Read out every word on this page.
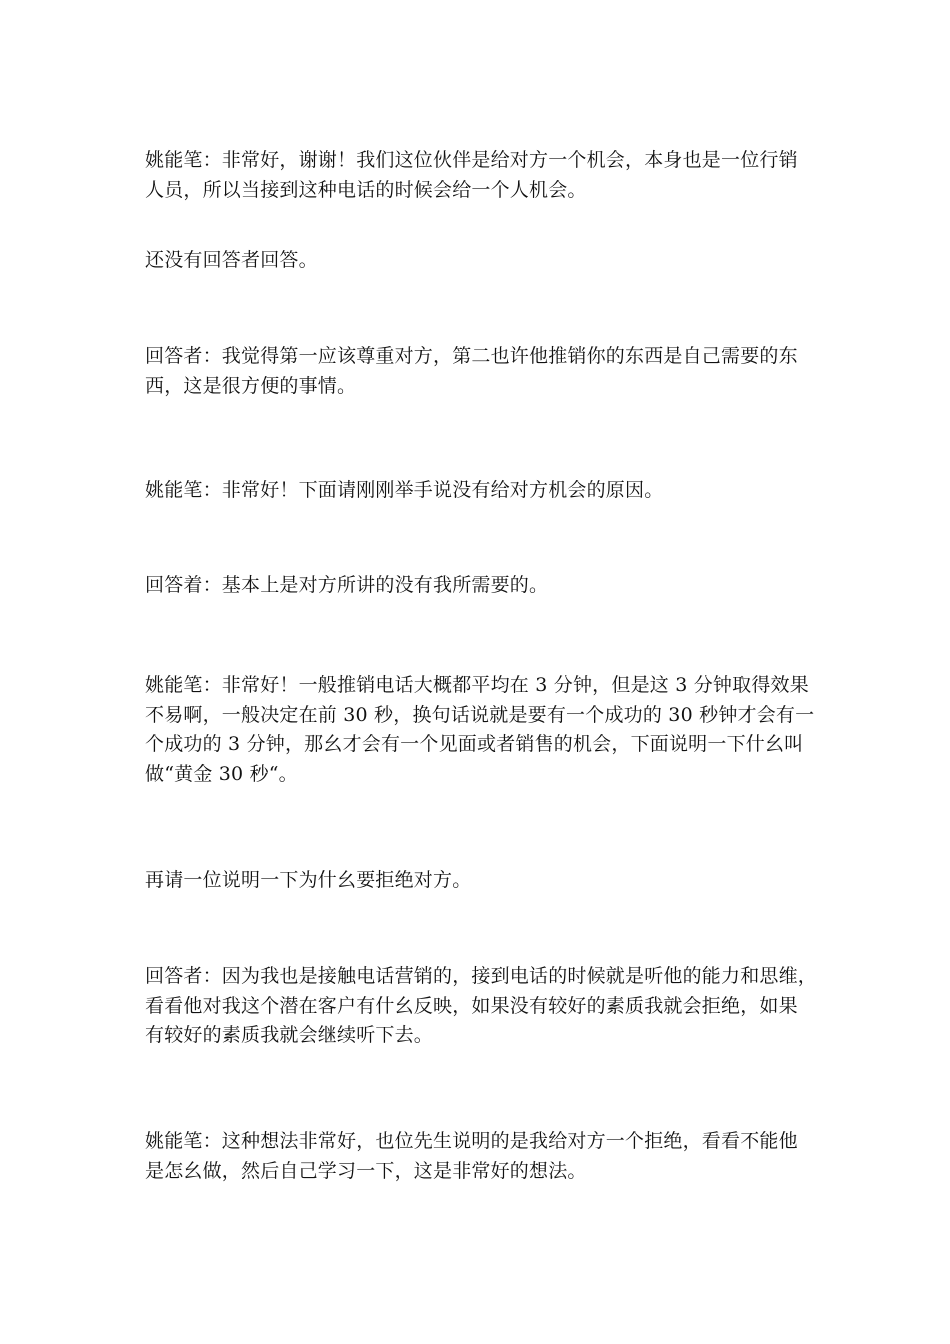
姚能笔：非常好，谢谢！我们这位伙伴是给对方一个机会，本身也是一位行销
人员，所以当接到这种电话的时候会给一个人机会。

还没有回答者回答。

回答者：我觉得第一应该尊重对方，第二也许他推销你的东西是自己需要的东
西，这是很方便的事情。

姚能笔：非常好！下面请刚刚举手说没有给对方机会的原因。

回答着：基本上是对方所讲的没有我所需要的。

姚能笔：非常好！一般推销电话大概都平均在 3 分钟，但是这 3 分钟取得效果
不易啊，一般决定在前 30 秒，换句话说就是要有一个成功的 30 秒钟才会有一
个成功的 3 分钟，那幺才会有一个见面或者销售的机会，下面说明一下什幺叫
做“黄金 30 秒“。

再请一位说明一下为什幺要拒绝对方。

回答者：因为我也是接触电话营销的，接到电话的时候就是听他的能力和思维，
看看他对我这个潜在客户有什幺反映，如果没有较好的素质我就会拒绝，如果
有较好的素质我就会继续听下去。

姚能笔：这种想法非常好，也位先生说明的是我给对方一个拒绝，看看不能他
是怎幺做，然后自己学习一下，这是非常好的想法。
